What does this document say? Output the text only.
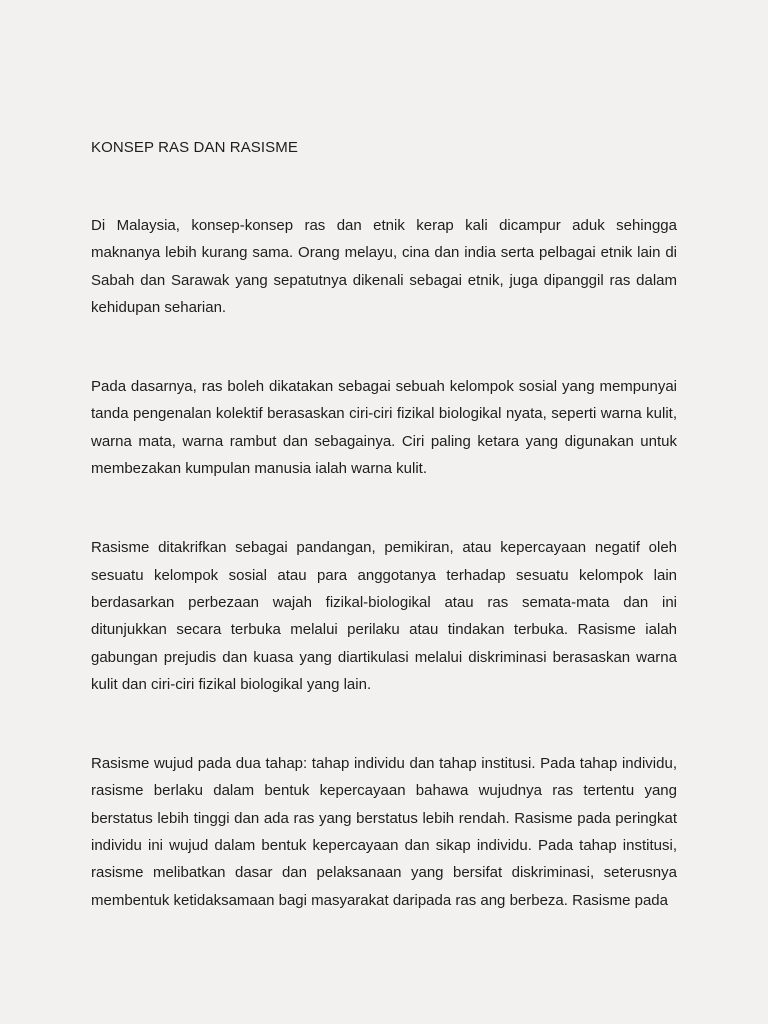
KONSEP RAS DAN RASISME

Di Malaysia, konsep-konsep ras dan etnik kerap kali dicampur aduk sehingga maknanya lebih kurang sama. Orang melayu, cina dan india serta pelbagai etnik lain di Sabah dan Sarawak yang sepatutnya dikenali sebagai etnik, juga dipanggil ras dalam kehidupan seharian.

Pada dasarnya, ras boleh dikatakan sebagai sebuah kelompok sosial yang mempunyai tanda pengenalan kolektif berasaskan ciri-ciri fizikal biologikal nyata, seperti warna kulit, warna mata, warna rambut dan sebagainya. Ciri paling ketara yang digunakan untuk membezakan kumpulan manusia ialah warna kulit.

Rasisme ditakrifkan sebagai pandangan, pemikiran, atau kepercayaan negatif oleh sesuatu kelompok sosial atau para anggotanya terhadap sesuatu kelompok lain berdasarkan perbezaan wajah fizikal-biologikal atau ras semata-mata dan ini ditunjukkan secara terbuka melalui perilaku atau tindakan terbuka. Rasisme ialah gabungan prejudis dan kuasa yang diartikulasi melalui diskriminasi berasaskan warna kulit dan ciri-ciri fizikal biologikal yang lain.

Rasisme wujud pada dua tahap: tahap individu dan tahap institusi. Pada tahap individu, rasisme berlaku dalam bentuk kepercayaan bahawa wujudnya ras tertentu yang berstatus lebih tinggi dan ada ras yang berstatus lebih rendah. Rasisme pada peringkat individu ini wujud dalam bentuk kepercayaan dan sikap individu. Pada tahap institusi, rasisme melibatkan dasar dan pelaksanaan yang bersifat diskriminasi, seterusnya membentuk ketidaksamaan bagi masyarakat daripada ras ang berbeza. Rasisme pada
